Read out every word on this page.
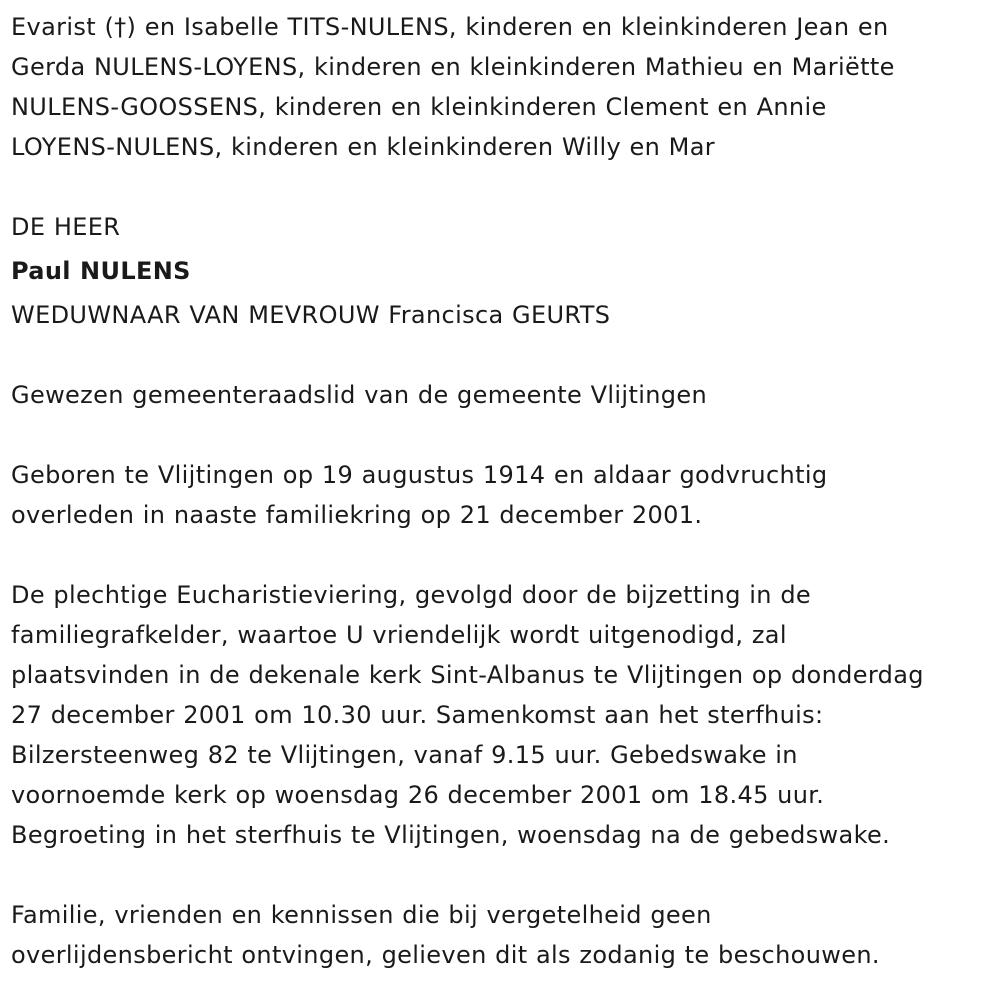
Evarist (†) en Isabelle TITS-NULENS, kinderen en kleinkinderen Jean en
Gerda NULENS-LOYENS, kinderen en kleinkinderen Mathieu en Mariëtte
NULENS-GOOSSENS, kinderen en kleinkinderen Clement en Annie
LOYENS-NULENS, kinderen en kleinkinderen Willy en Mar
DE HEER
Paul NULENS
WEDUWNAAR VAN MEVROUW Francisca GEURTS
Gewezen gemeenteraadslid van de gemeente Vlijtingen
Geboren te Vlijtingen op 19 augustus 1914 en aldaar godvruchtig
overleden in naaste familiekring op 21 december 2001.
De plechtige Eucharistieviering, gevolgd door de bijzetting in de
familiegrafkelder, waartoe U vriendelijk wordt uitgenodigd, zal
plaatsvinden in de dekenale kerk Sint-Albanus te Vlijtingen op donderdag
27 december 2001 om 10.30 uur. Samenkomst aan het sterfhuis:
Bilzersteenweg 82 te Vlijtingen, vanaf 9.15 uur. Gebedswake in
voornoemde kerk op woensdag 26 december 2001 om 18.45 uur.
Begroeting in het sterfhuis te Vlijtingen, woensdag na de gebedswake.
Familie, vrienden en kennissen die bij vergetelheid geen
overlijdensbericht ontvingen, gelieven dit als zodanig te beschouwen.
